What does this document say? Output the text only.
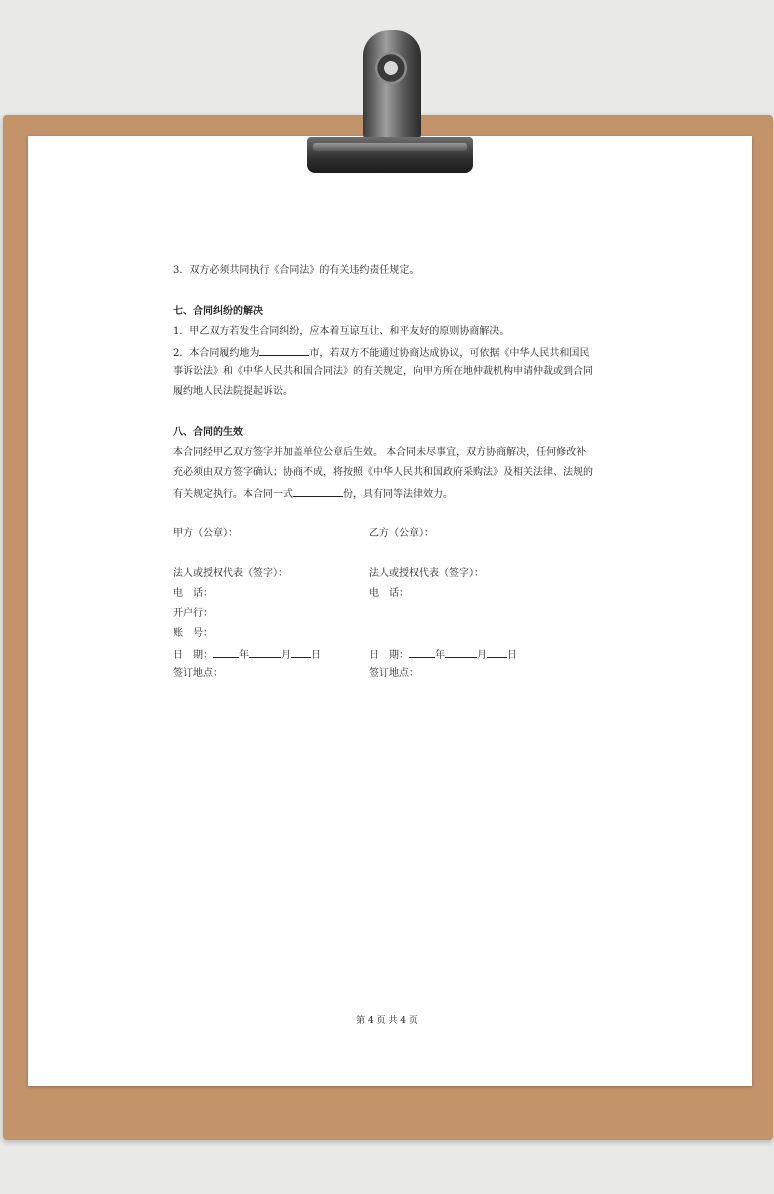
3．双方必须共同执行《合同法》的有关违约责任规定。
七、合同纠纷的解决
1．甲乙双方若发生合同纠纷，应本着互谅互让、和平友好的原则协商解决。
2．本合同履约地为	市，若双方不能通过协商达成协议，可依据《中华人民共和国民
事诉讼法》和《中华人民共和国合同法》的有关规定，向甲方所在地仲裁机构申请仲裁或到合同
履约地人民法院提起诉讼。
八、合同的生效
本合同经甲乙双方签字并加盖单位公章后生效。 本合同未尽事宜，双方协商解决，任何修改补
充必须由双方签字确认；协商不成，将按照《中华人民共和国政府采购法》及相关法律、法规的
有关规定执行。本合同一式	份，具有同等法律效力。
甲方（公章）：	乙方（公章）：
法人或授权代表（签字）：	法人或授权代表（签字）：
电　话：	电　话：
开户行：
账　号：
日　期：	年	月 日	日　期：	年	月 日
签订地点：	签订地点：
第 4 页 共 4 页
